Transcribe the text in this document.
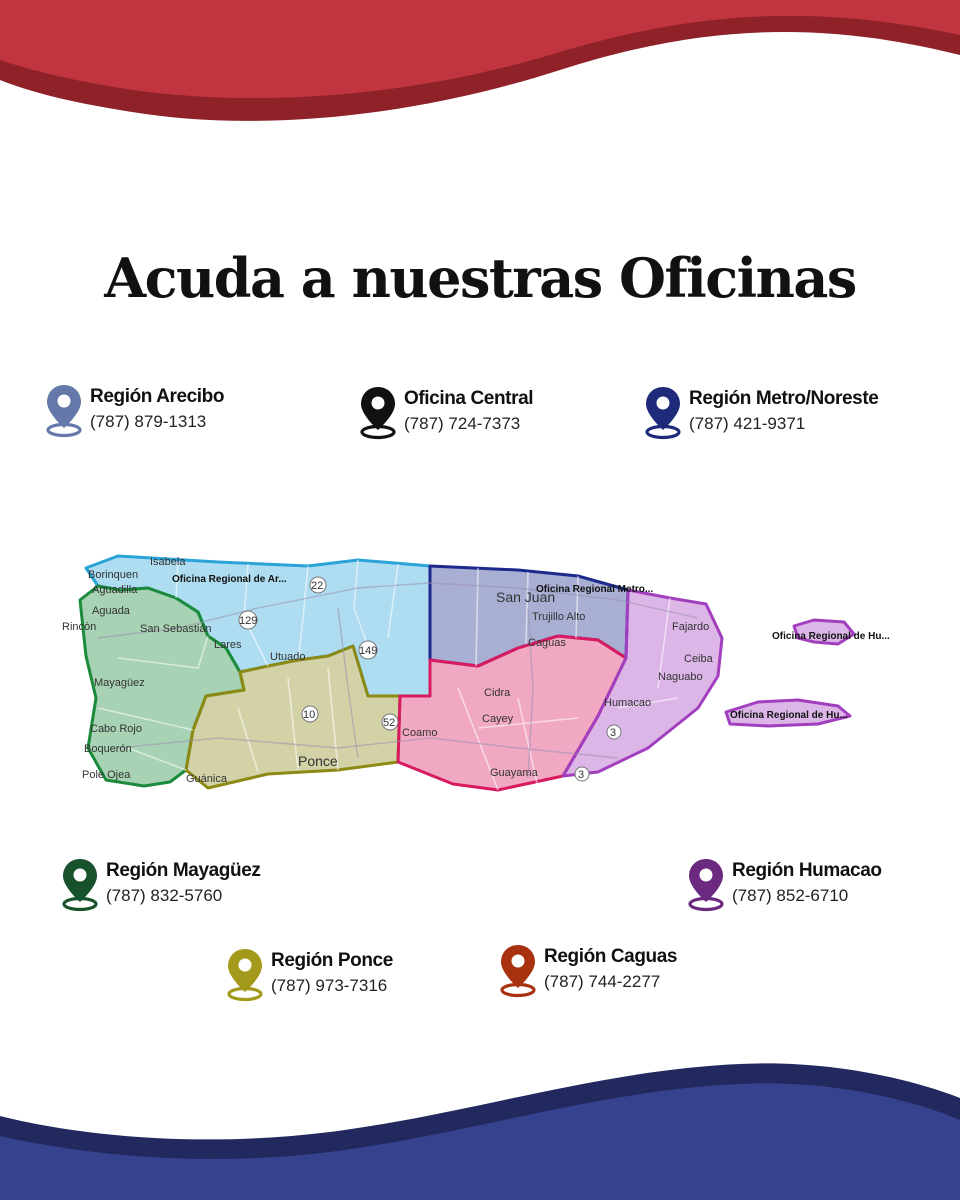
Acuda a nuestras Oficinas
Región Arecibo
(787) 879-1313
Oficina Central
(787) 724-7373
Región Metro/Noreste
(787) 421-9371
Isabela
Borinquen
Aguadilla
Aguada
Rincón	San Sebastián
Lares
Utuado
Mayagüez
Cabo Rojo
Boquerón
Pole Ojea	Guánica
Ponce
Coamo
Cidra
Cayey
Caguas
Guayama
San Juan
Trujillo Alto
Fajardo
Ceiba
Naguabo
Humacao
Oficina Regional de Ar...
Oficina Regional Metro...
Oficina Regional de Hu...
Oficina Regional de Hu...
22
129
149
10
52
3
3
Región Mayagüez
(787) 832-5760
Región Humacao
(787) 852-6710
Región Ponce
(787) 973-7316
Región Caguas
(787) 744-2277
